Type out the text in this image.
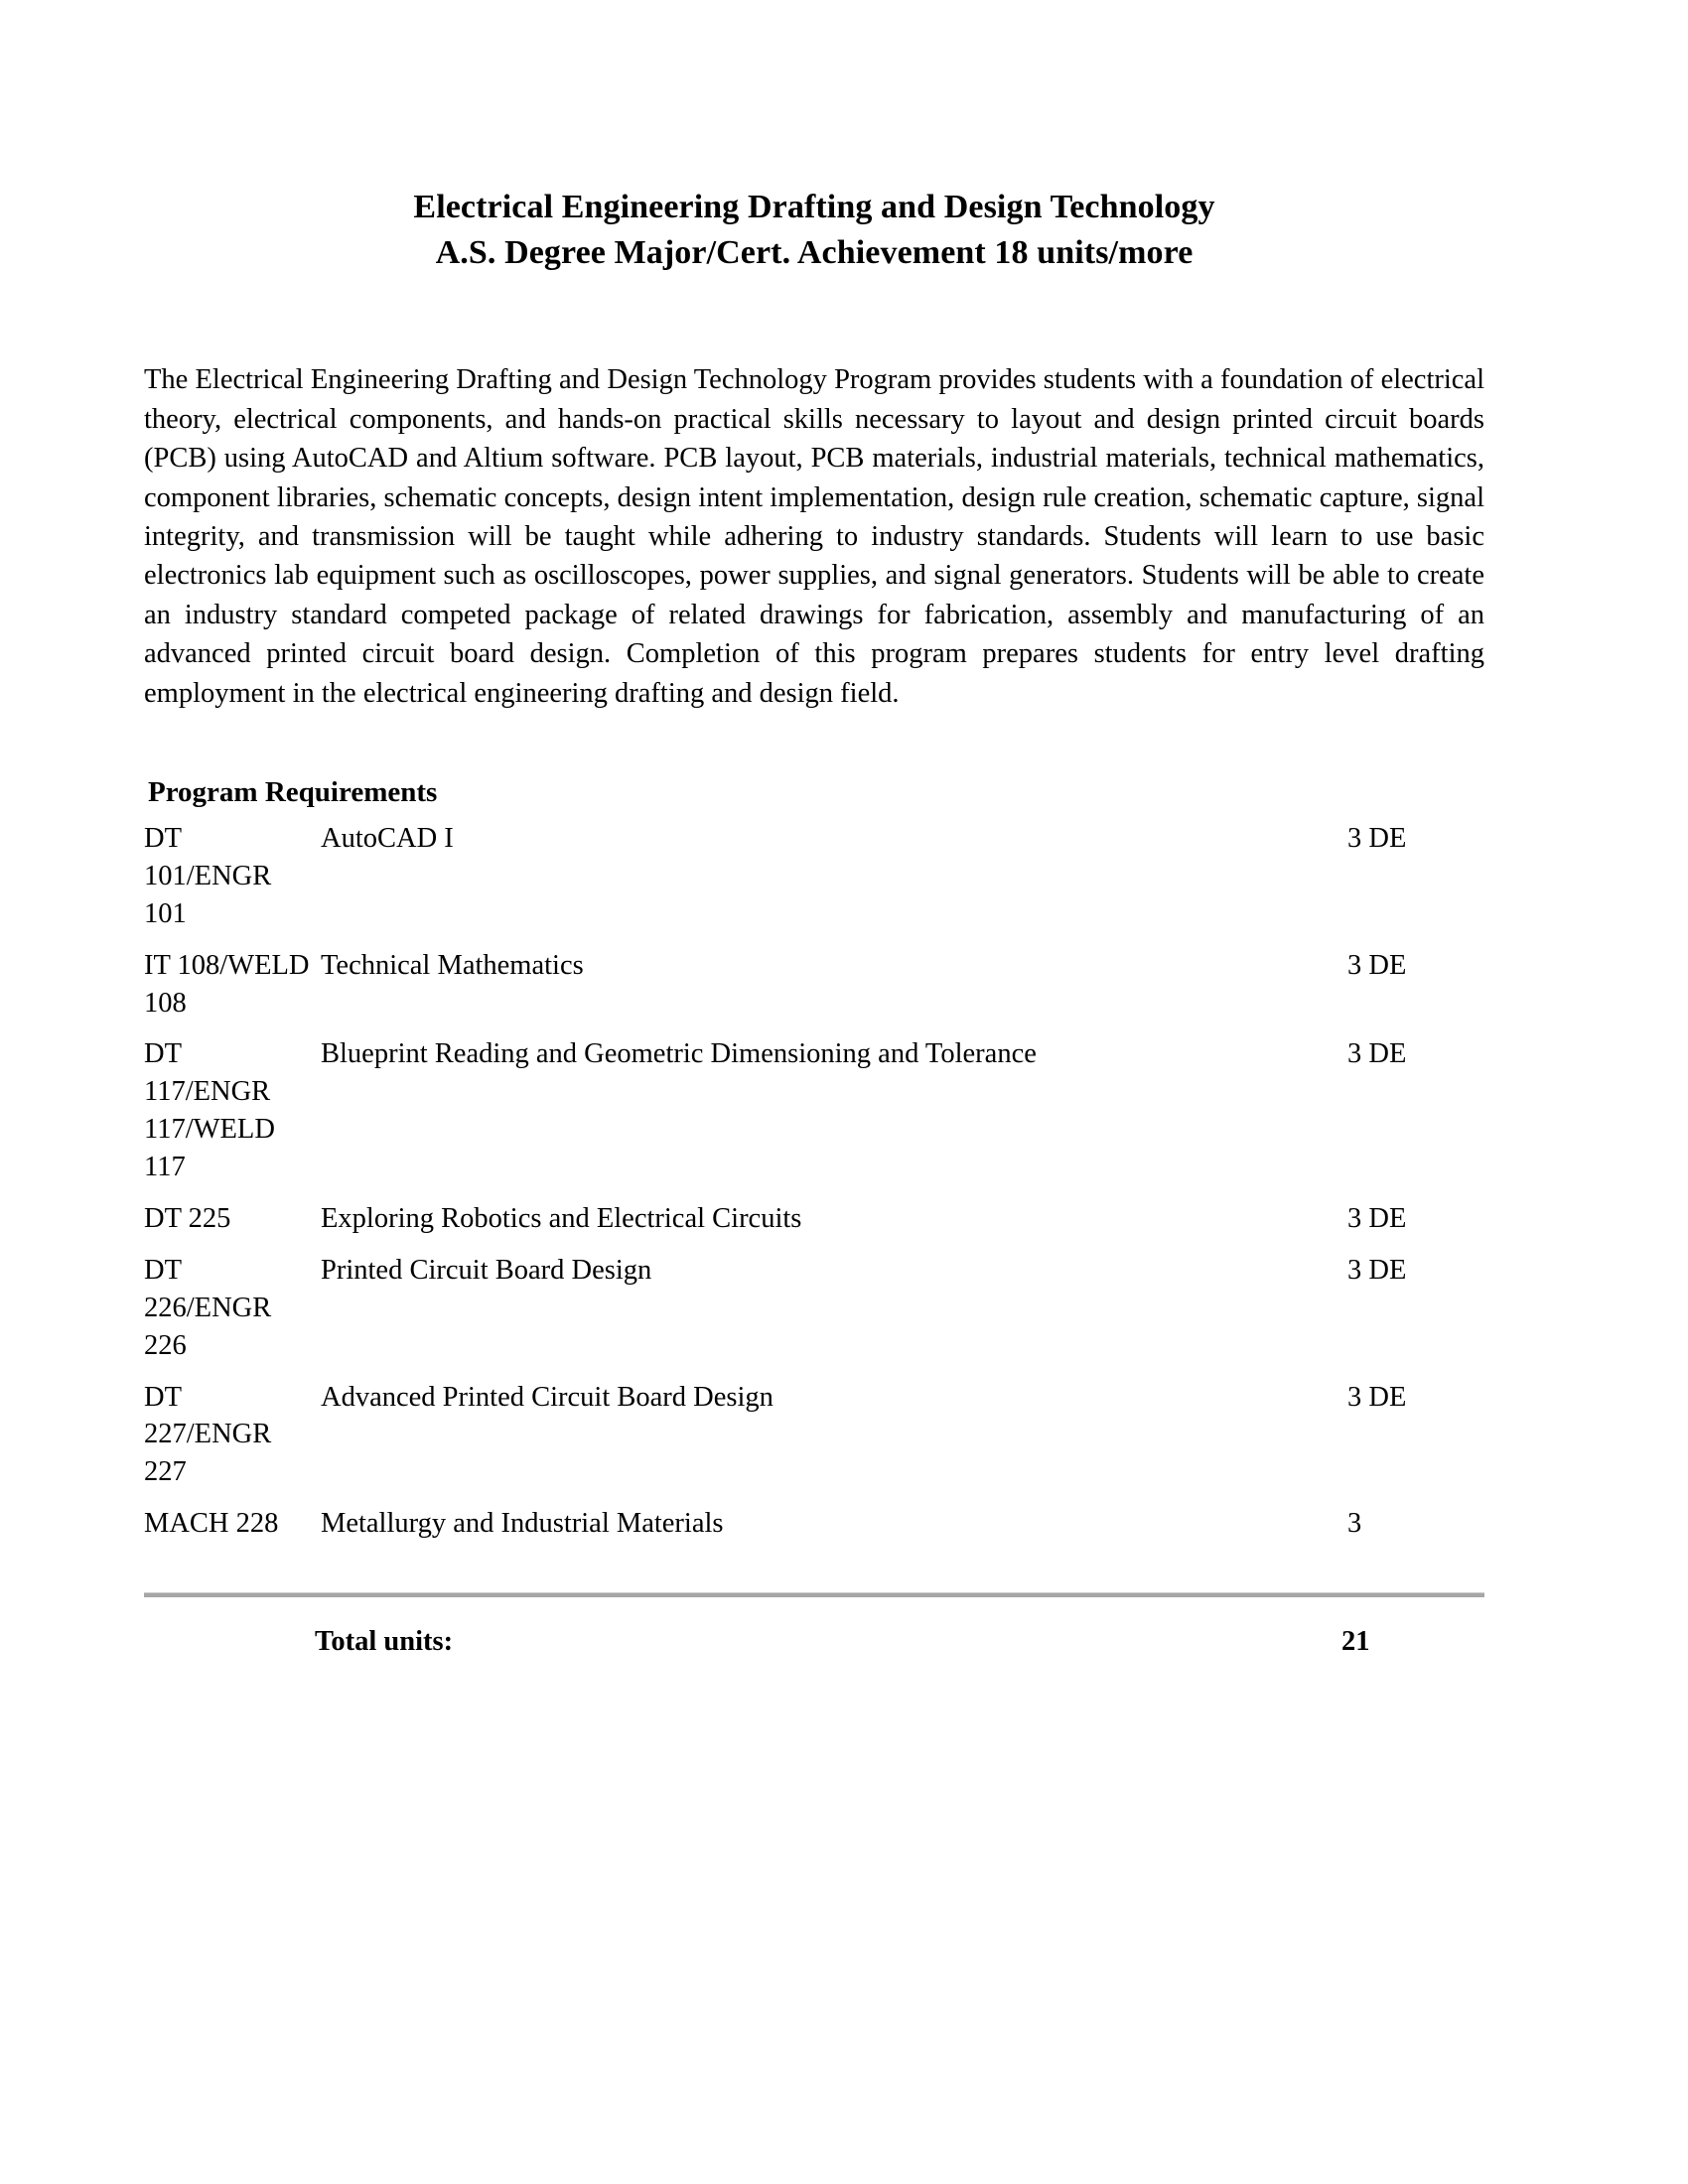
Electrical Engineering Drafting and Design Technology
A.S. Degree Major/Cert. Achievement 18 units/more

The Electrical Engineering Drafting and Design Technology Program provides students with a foundation of electrical theory, electrical components, and hands-on practical skills necessary to layout and design printed circuit boards (PCB) using AutoCAD and Altium software. PCB layout, PCB materials, industrial materials, technical mathematics, component libraries, schematic concepts, design intent implementation, design rule creation, schematic capture, signal integrity, and transmission will be taught while adhering to industry standards. Students will learn to use basic electronics lab equipment such as oscilloscopes, power supplies, and signal generators. Students will be able to create an industry standard competed package of related drawings for fabrication, assembly and manufacturing of an advanced printed circuit board design. Completion of this program prepares students for entry level drafting employment in the electrical engineering drafting and design field.

Program Requirements
DT 101/ENGR 101	AutoCAD I	3 DE
IT 108/WELD 108	Technical Mathematics	3 DE
DT 117/ENGR 117/WELD 117	Blueprint Reading and Geometric Dimensioning and Tolerance	3 DE
DT 225	Exploring Robotics and Electrical Circuits	3 DE
DT 226/ENGR 226	Printed Circuit Board Design	3 DE
DT 227/ENGR 227	Advanced Printed Circuit Board Design	3 DE
MACH 228	Metallurgy and Industrial Materials	3
	Total units:	21
